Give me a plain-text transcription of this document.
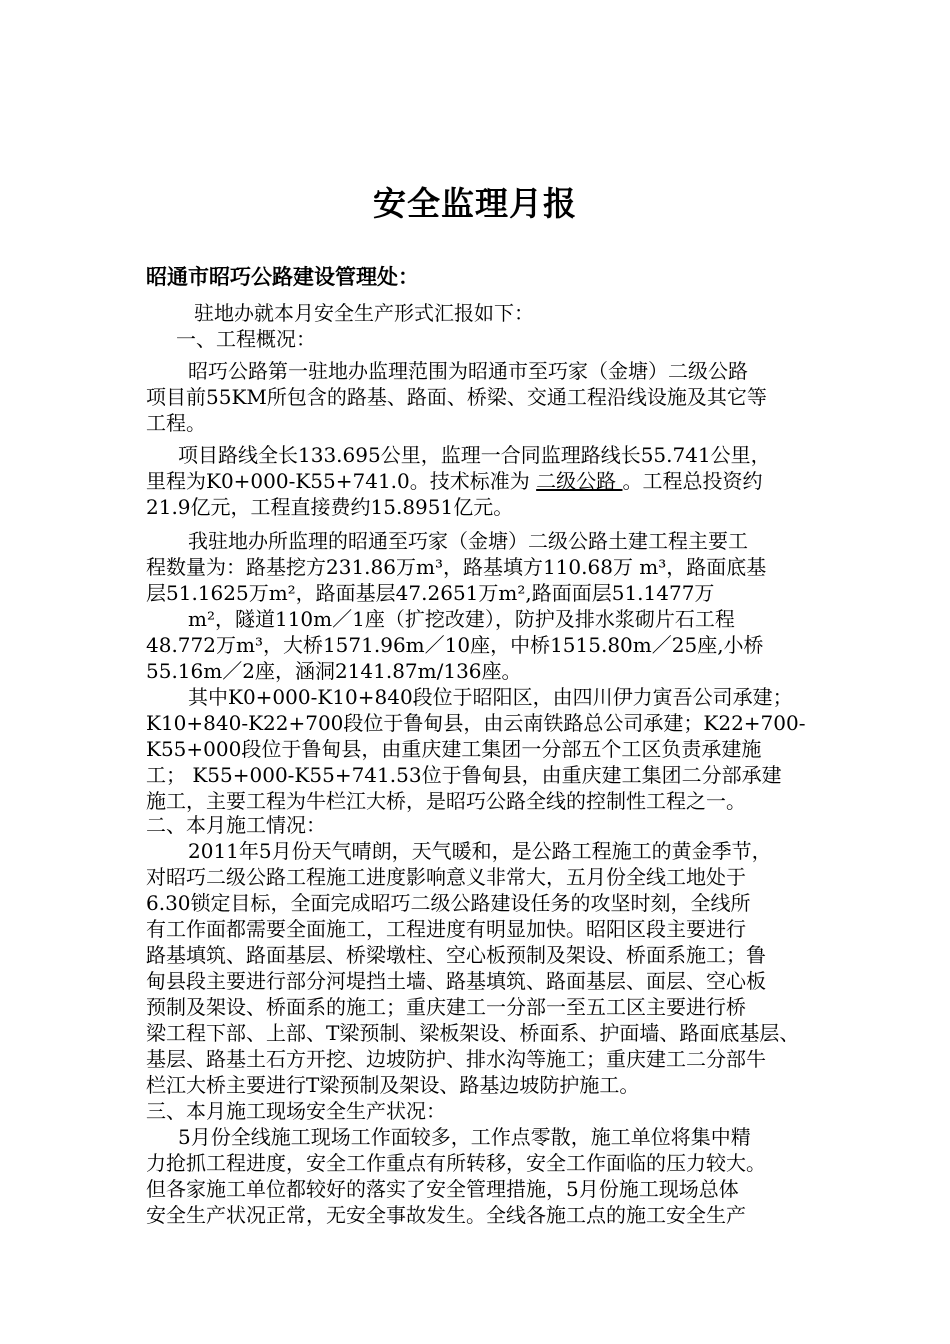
安全监理月报
昭通市昭巧公路建设管理处：
驻地办就本月安全生产形式汇报如下：
一、工程概况：
昭巧公路第一驻地办监理范围为昭通市至巧家（金塘）二级公路
项目前55KM所包含的路基、路面、桥梁、交通工程沿线设施及其它等
工程。
项目路线全长133.695公里，监理一合同监理路线长55.741公里，
里程为K0+000-K55+741.0。技术标准为 二级公路 。工程总投资约
21.9亿元，工程直接费约15.8951亿元。
我驻地办所监理的昭通至巧家（金塘）二级公路土建工程主要工
程数量为：路基挖方231.86万m³，路基填方110.68万 m³，路面底基
层51.1625万m²，路面基层47.2651万m²,路面面层51.1477万
m²，隧道110m／1座（扩挖改建），防护及排水浆砌片石工程
48.772万m³，大桥1571.96m／10座，中桥1515.80m／25座,小桥
55.16m／2座，涵洞2141.87m/136座。
其中K0+000-K10+840段位于昭阳区，由四川伊力寅吾公司承建；
K10+840-K22+700段位于鲁甸县，由云南铁路总公司承建；K22+700-
K55+000段位于鲁甸县，由重庆建工集团一分部五个工区负责承建施
工； K55+000-K55+741.53位于鲁甸县，由重庆建工集团二分部承建
施工，主要工程为牛栏江大桥，是昭巧公路全线的控制性工程之一。
二、本月施工情况：
2011年5月份天气晴朗，天气暖和，是公路工程施工的黄金季节，
对昭巧二级公路工程施工进度影响意义非常大，五月份全线工地处于
6.30锁定目标，全面完成昭巧二级公路建设任务的攻坚时刻，全线所
有工作面都需要全面施工，工程进度有明显加快。昭阳区段主要进行
路基填筑、路面基层、桥梁墩柱、空心板预制及架设、桥面系施工；鲁
甸县段主要进行部分河堤挡土墙、路基填筑、路面基层、面层、空心板
预制及架设、桥面系的施工；重庆建工一分部一至五工区主要进行桥
梁工程下部、上部、T梁预制、梁板架设、桥面系、护面墙、路面底基层、
基层、路基土石方开挖、边坡防护、排水沟等施工；重庆建工二分部牛
栏江大桥主要进行T梁预制及架设、路基边坡防护施工。
三、本月施工现场安全生产状况：
5月份全线施工现场工作面较多，工作点零散，施工单位将集中精
力抢抓工程进度，安全工作重点有所转移，安全工作面临的压力较大。
但各家施工单位都较好的落实了安全管理措施，5月份施工现场总体
安全生产状况正常，无安全事故发生。全线各施工点的施工安全生产
